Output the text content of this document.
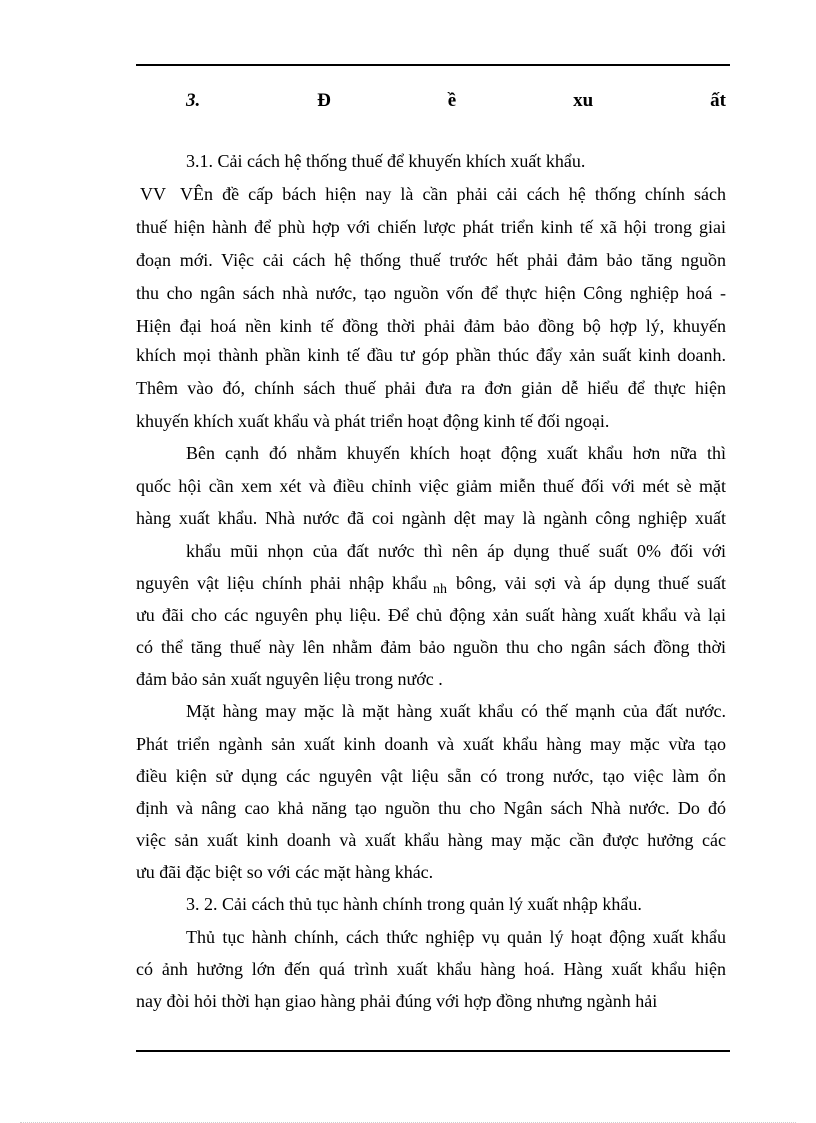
3.	Đ	ề	xu	ất
3.1. Cải cách hệ thống thuế để khuyến khích xuất khẩu.
VV VÊn đề cấp bách hiện nay là cần phải cải cách hệ thống chính sách
thuế hiện hành để phù hợp với chiến lược phát triển kinh tế xã hội trong giai
đoạn mới. Việc cải cách hệ thống thuế trước hết phải đảm bảo tăng nguồn
thu cho ngân sách nhà nước, tạo nguồn vốn để thực hiện Công nghiệp hoá -
Hiện đại hoá nền kinh tế đồng thời phải đảm bảo đồng bộ hợp lý, khuyến
khích mọi thành phần kinh tế đầu tư góp phần thúc đẩy xản suất kinh doanh.
Thêm vào đó, chính sách thuế phải đưa ra đơn giản dễ hiểu để thực hiện
khuyến khích xuất khẩu và phát triển hoạt động kinh tế đối ngoại.
Bên cạnh đó nhằm khuyến khích hoạt động xuất khẩu hơn nữa thì
quốc hội cần xem xét và điều chỉnh việc giảm miễn thuế đối với mét sè mặt
hàng xuất khẩu. Nhà nước đã coi ngành dệt may là ngành công nghiệp xuất
khẩu mũi nhọn của đất nước thì nên áp dụng thuế suất 0% đối với
nguyên vật liệu chính phải nhập khẩu $_{nh}$ bông, vải sợi và áp dụng thuế suất
ưu đãi cho các nguyên phụ liệu. Để chủ động xản suất hàng xuất khẩu và lại
có thể tăng thuế này lên nhằm đảm bảo nguồn thu cho ngân sách đồng thời
đảm bảo sản xuất nguyên liệu trong nước .
Mặt hàng may mặc là mặt hàng xuất khẩu có thế mạnh của đất nước.
Phát triển ngành sản xuất kinh doanh và xuất khẩu hàng may mặc vừa tạo
điều kiện sử dụng các nguyên vật liệu sẵn có trong nước, tạo việc làm ổn
định và nâng cao khả năng tạo nguồn thu cho Ngân sách Nhà nước. Do đó
việc sản xuất kinh doanh và xuất khẩu hàng may mặc cần được hưởng các
ưu đãi đặc biệt so với các mặt hàng khác.
3. 2. Cải cách thủ tục hành chính trong quản lý xuất nhập khẩu.
Thủ tục hành chính, cách thức nghiệp vụ quản lý hoạt động xuất khẩu
có ảnh hưởng lớn đến quá trình xuất khẩu hàng hoá. Hàng xuất khẩu hiện
nay đòi hỏi thời hạn giao hàng phải đúng với hợp đồng nhưng ngành hải
